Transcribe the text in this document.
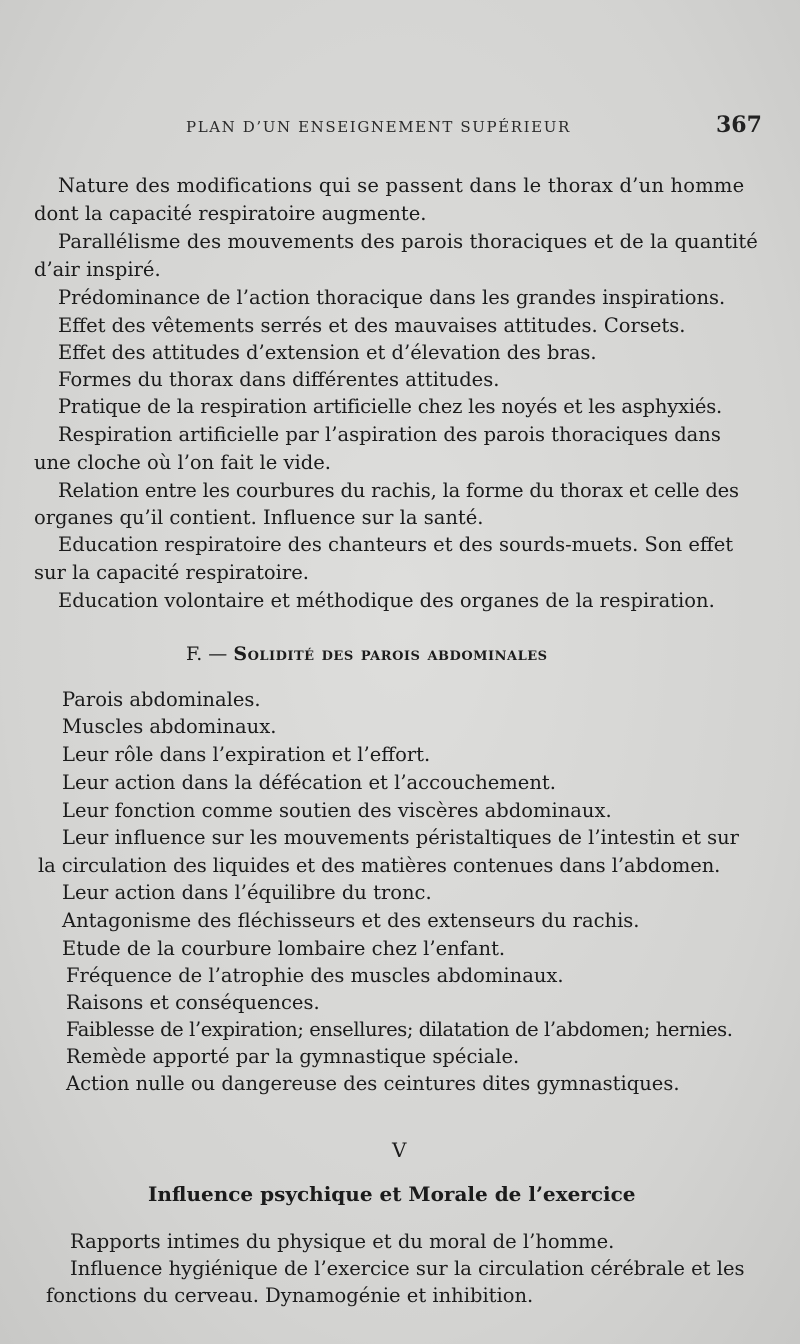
PLAN D’UN ENSEIGNEMENT SUPÉRIEUR	367
Nature des modifications qui se passent dans le thorax d’un homme
dont la capacité respiratoire augmente.
Parallélisme des mouvements des parois thoraciques et de la quantité
d’air inspiré.
Prédominance de l’action thoracique dans les grandes inspirations.
Effet des vêtements serrés et des mauvaises attitudes. Corsets.
Effet des attitudes d’extension et d’élevation des bras.
Formes du thorax dans différentes attitudes.
Pratique de la respiration artificielle chez les noyés et les asphyxiés.
Respiration artificielle par l’aspiration des parois thoraciques dans
une cloche où l’on fait le vide.
Relation entre les courbures du rachis, la forme du thorax et celle des
organes qu’il contient. Influence sur la santé.
Education respiratoire des chanteurs et des sourds-muets. Son effet
sur la capacité respiratoire.
Education volontaire et méthodique des organes de la respiration.
F. — Solidité des parois abdominales
Parois abdominales.
Muscles abdominaux.
Leur rôle dans l’expiration et l’effort.
Leur action dans la défécation et l’accouchement.
Leur fonction comme soutien des viscères abdominaux.
Leur influence sur les mouvements péristaltiques de l’intestin et sur
la circulation des liquides et des matières contenues dans l’abdomen.
Leur action dans l’équilibre du tronc.
Antagonisme des fléchisseurs et des extenseurs du rachis.
Etude de la courbure lombaire chez l’enfant.
Fréquence de l’atrophie des muscles abdominaux.
Raisons et conséquences.
Faiblesse de l’expiration; ensellures; dilatation de l’abdomen; hernies.
Remède apporté par la gymnastique spéciale.
Action nulle ou dangereuse des ceintures dites gymnastiques.
V
Influence psychique et Morale de l’exercice
Rapports intimes du physique et du moral de l’homme.
Influence hygiénique de l’exercice sur la circulation cérébrale et les
fonctions du cerveau. Dynamogénie et inhibition.
